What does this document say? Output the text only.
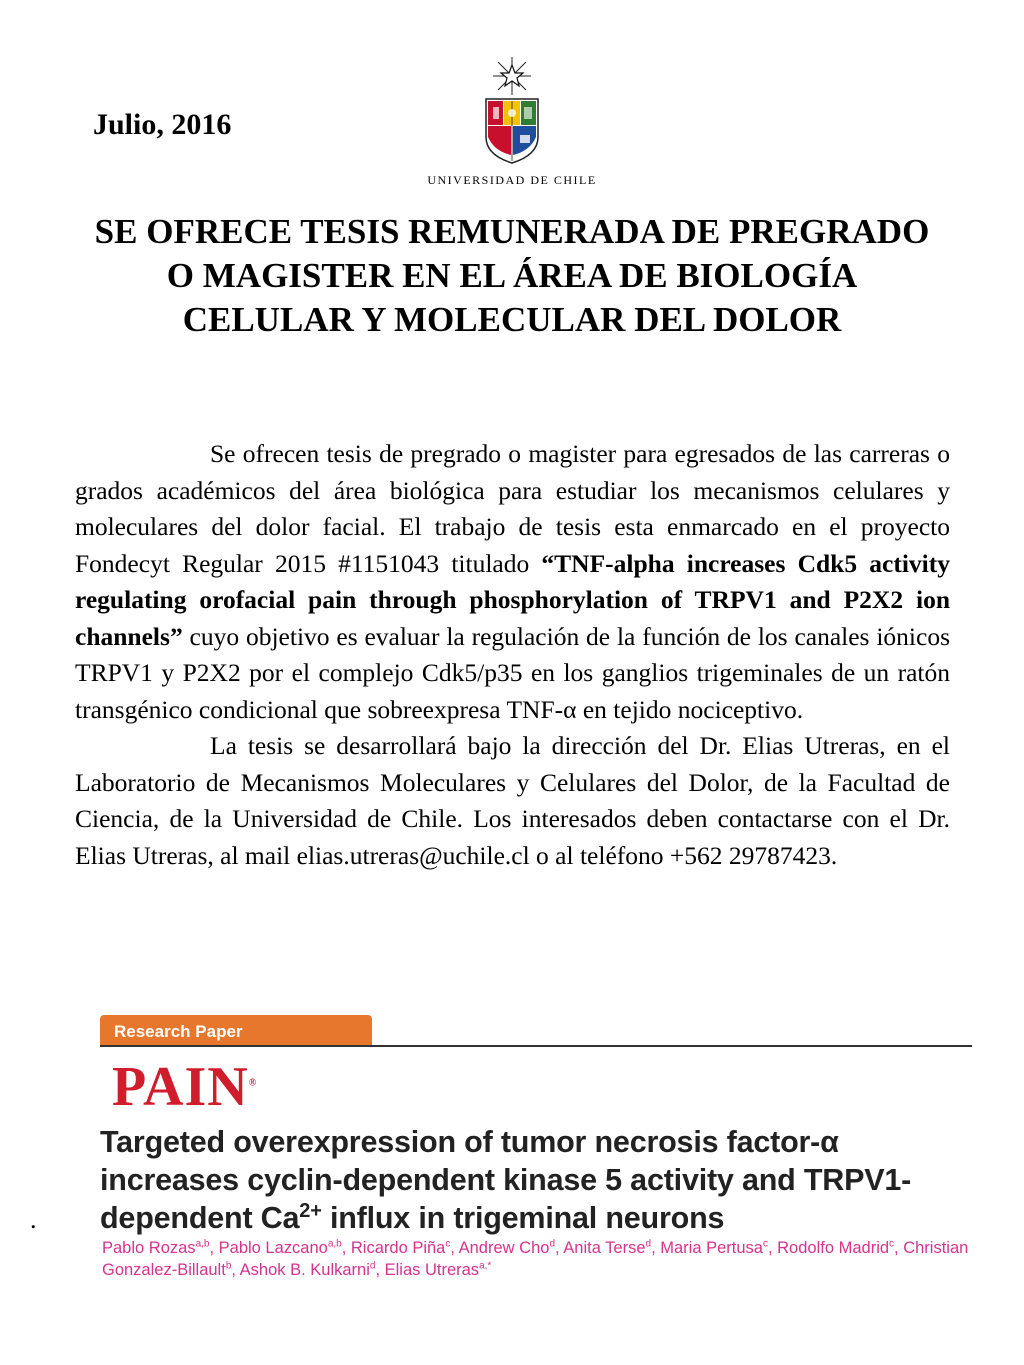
Julio, 2016
UNIVERSIDAD DE CHILE
SE OFRECE TESIS REMUNERADA DE PREGRADO O MAGISTER EN EL ÁREA DE BIOLOGÍA CELULAR Y MOLECULAR DEL DOLOR

Se ofrecen tesis de pregrado o magister para egresados de las carreras o grados académicos del área biológica para estudiar los mecanismos celulares y moleculares del dolor facial. El trabajo de tesis esta enmarcado en el proyecto Fondecyt Regular 2015 #1151043 titulado “TNF-alpha increases Cdk5 activity regulating orofacial pain through phosphorylation of TRPV1 and P2X2 ion channels” cuyo objetivo es evaluar la regulación de la función de los canales iónicos TRPV1 y P2X2 por el complejo Cdk5/p35 en los ganglios trigeminales de un ratón transgénico condicional que sobreexpresa TNF-α en tejido nociceptivo.

La tesis se desarrollará bajo la dirección del Dr. Elias Utreras, en el Laboratorio de Mecanismos Moleculares y Celulares del Dolor, de la Facultad de Ciencia, de la Universidad de Chile. Los interesados deben contactarse con el Dr. Elias Utreras, al mail elias.utreras@uchile.cl o al teléfono +562 29787423.

Research Paper
PAIN®
Targeted overexpression of tumor necrosis factor-α increases cyclin-dependent kinase 5 activity and TRPV1-dependent $Ca^{2+}$ influx in trigeminal neurons
Pablo Rozas$^{a,b}$, Pablo Lazcano$^{a,b}$, Ricardo Piña$^c$, Andrew Cho$^d$, Anita Terse$^d$, Maria Pertusa$^c$, Rodolfo Madrid$^c$, Christian Gonzalez-Billault$^b$, Ashok B. Kulkarni$^d$, Elias Utreras$^{a,*}$
.
